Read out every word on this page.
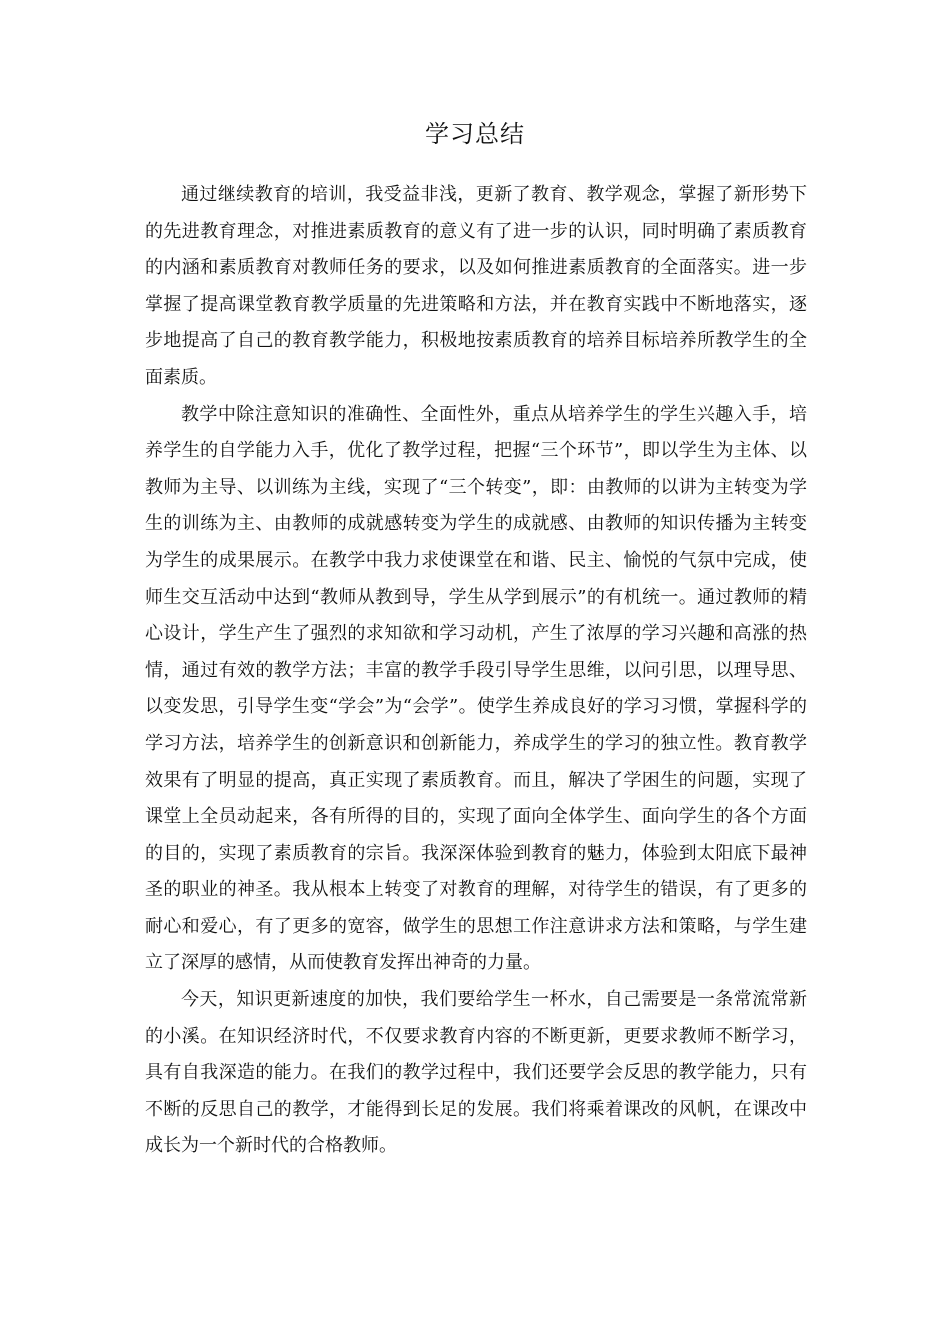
学习总结

通过继续教育的培训，我受益非浅，更新了教育、教学观念，掌握了新形势下的先进教育理念，对推进素质教育的意义有了进一步的认识，同时明确了素质教育的内涵和素质教育对教师任务的要求，以及如何推进素质教育的全面落实。进一步掌握了提高课堂教育教学质量的先进策略和方法，并在教育实践中不断地落实，逐步地提高了自己的教育教学能力，积极地按素质教育的培养目标培养所教学生的全面素质。

教学中除注意知识的准确性、全面性外，重点从培养学生的学生兴趣入手，培养学生的自学能力入手，优化了教学过程，把握“三个环节”，即以学生为主体、以教师为主导、以训练为主线，实现了“三个转变”，即：由教师的以讲为主转变为学生的训练为主、由教师的成就感转变为学生的成就感、由教师的知识传播为主转变为学生的成果展示。在教学中我力求使课堂在和谐、民主、愉悦的气氛中完成，使师生交互活动中达到“教师从教到导，学生从学到展示”的有机统一。通过教师的精心设计，学生产生了强烈的求知欲和学习动机，产生了浓厚的学习兴趣和高涨的热情，通过有效的教学方法；丰富的教学手段引导学生思维，以问引思，以理导思、以变发思，引导学生变“学会”为“会学”。使学生养成良好的学习习惯，掌握科学的学习方法，培养学生的创新意识和创新能力，养成学生的学习的独立性。教育教学效果有了明显的提高，真正实现了素质教育。而且，解决了学困生的问题，实现了课堂上全员动起来，各有所得的目的，实现了面向全体学生、面向学生的各个方面的目的，实现了素质教育的宗旨。我深深体验到教育的魅力，体验到太阳底下最神圣的职业的神圣。我从根本上转变了对教育的理解，对待学生的错误，有了更多的耐心和爱心，有了更多的宽容，做学生的思想工作注意讲求方法和策略，与学生建立了深厚的感情，从而使教育发挥出神奇的力量。

今天，知识更新速度的加快，我们要给学生一杯水，自己需要是一条常流常新的小溪。在知识经济时代，不仅要求教育内容的不断更新，更要求教师不断学习，具有自我深造的能力。在我们的教学过程中，我们还要学会反思的教学能力，只有不断的反思自己的教学，才能得到长足的发展。我们将乘着课改的风帆，在课改中成长为一个新时代的合格教师。
